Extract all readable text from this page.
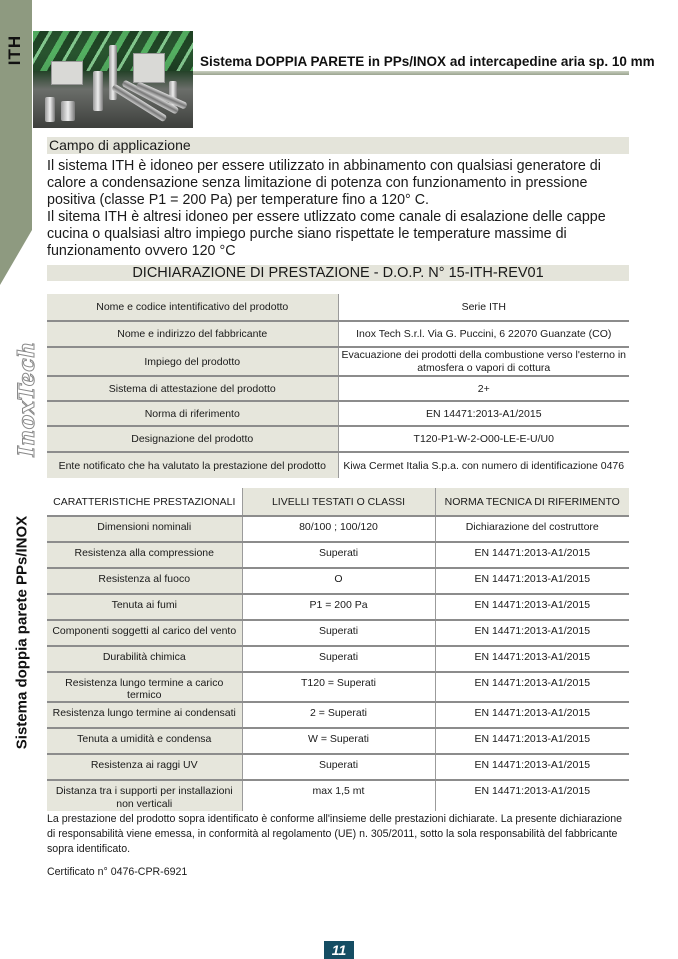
ITH
InoxTech
Sistema doppia parete PPs/INOX
Sistema DOPPIA PARETE in PPs/INOX ad intercapedine aria sp. 10 mm
Campo di applicazione

Il sistema ITH è idoneo per essere utilizzato in abbinamento con qualsiasi generatore di calore a condensazione senza limitazione di potenza con funzionamento in pressione positiva (classe P1 = 200 Pa) per temperature fino a 120° C.

Il sitema ITH è altresi idoneo per essere utlizzato come canale di esalazione delle cappe cucina o qualsiasi altro impiego purche siano rispettate le temperature massime di funzionamento ovvero 120 °C

DICHIARAZIONE DI PRESTAZIONE - D.O.P. N° 15-ITH-REV01
Nome e codice intentificativo del prodotto	Serie ITH
Nome e indirizzo del fabbricante	Inox Tech S.r.l. Via G. Puccini, 6 22070 Guanzate (CO)
Impiego del prodotto	Evacuazione dei prodotti della combustione verso l'esterno in atmosfera o vapori di cottura
Sistema di attestazione del prodotto	2+
Norma di riferimento	EN 14471:2013-A1/2015
Designazione del prodotto	T120-P1-W-2-O00-LE-E-U/U0
Ente notificato che ha valutato la prestazione del prodotto	Kiwa Cermet Italia S.p.a. con numero di identificazione 0476
CARATTERISTICHE PRESTAZIONALI	LIVELLI TESTATI O CLASSI	NORMA TECNICA DI RIFERIMENTO
Dimensioni nominali	80/100 ; 100/120	Dichiarazione del costruttore
Resistenza alla compressione	Superati	EN 14471:2013-A1/2015
Resistenza al fuoco	O	EN 14471:2013-A1/2015
Tenuta ai fumi	P1 = 200 Pa	EN 14471:2013-A1/2015
Componenti soggetti al carico del vento	Superati	EN 14471:2013-A1/2015
Durabilità chimica	Superati	EN 14471:2013-A1/2015
Resistenza lungo termine a carico termico	T120 = Superati	EN 14471:2013-A1/2015
Resistenza lungo termine ai condensati	2 = Superati	EN 14471:2013-A1/2015
Tenuta a umidità e condensa	W = Superati	EN 14471:2013-A1/2015
Resistenza ai raggi UV	Superati	EN 14471:2013-A1/2015
Distanza tra i supporti per installazioni non verticali	max 1,5 mt	EN 14471:2013-A1/2015

La prestazione del prodotto sopra identificato è conforme all'insieme delle prestazioni dichiarate. La presente dichiarazione di responsabilità viene emessa, in conformità al regolamento (UE) n. 305/2011, sotto la sola responsabilità del fabbricante sopra identificato.

Certificato n° 0476-CPR-6921

11
